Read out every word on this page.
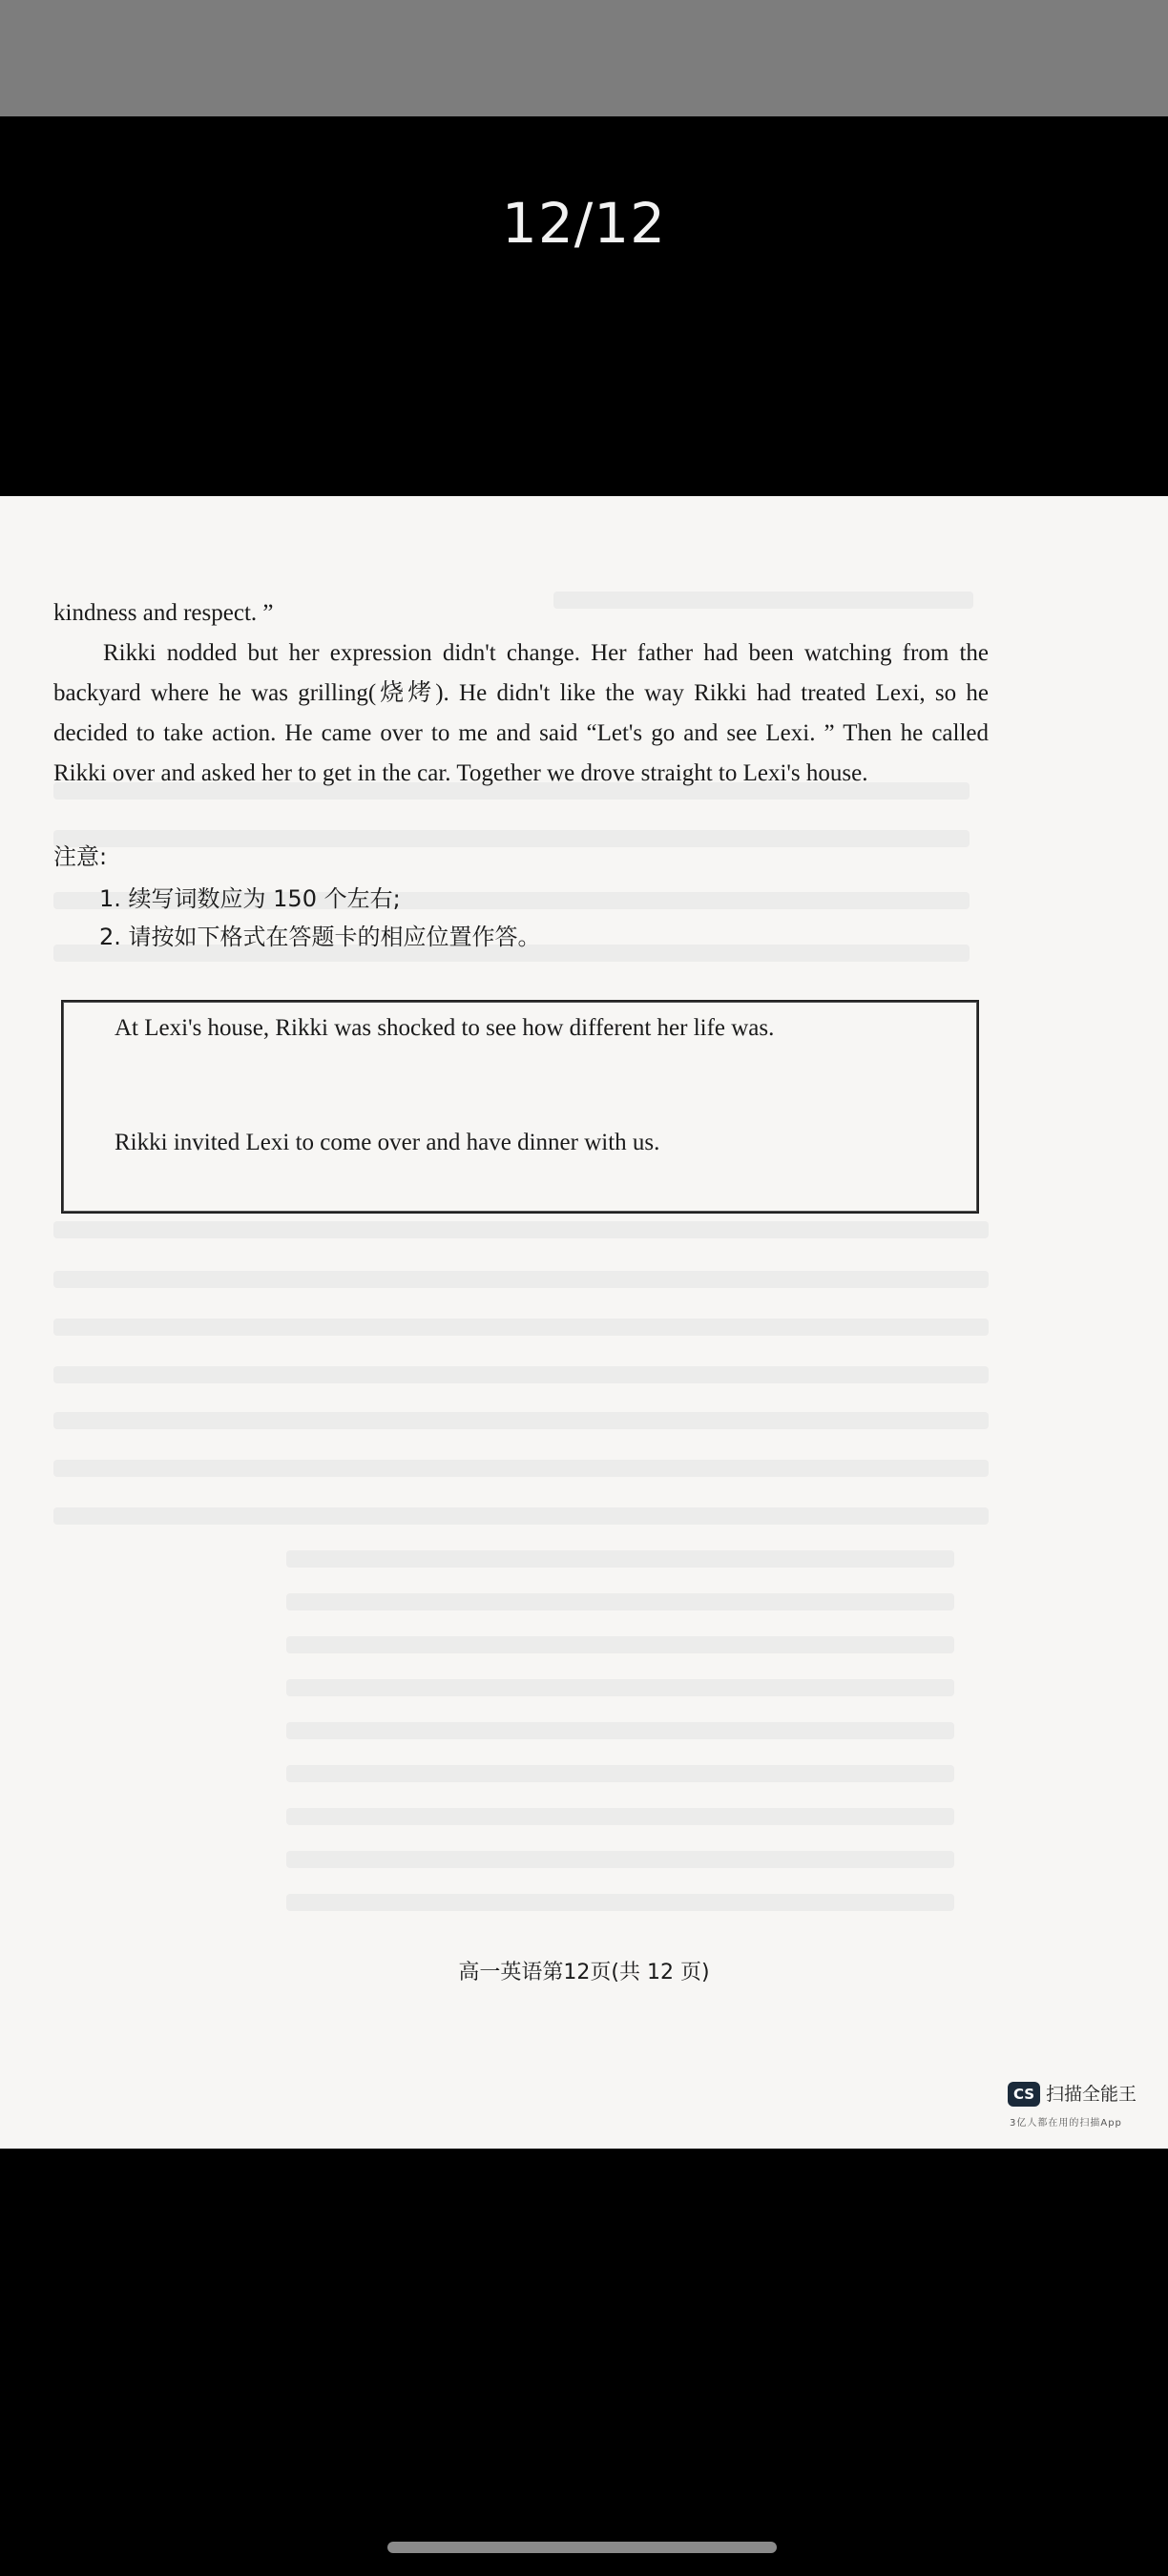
12/12
kindness and respect. ”
Rikki nodded but her expression didn't change. Her father had been watching from the backyard where he was grilling(烧烤). He didn't like the way Rikki had treated Lexi, so he decided to take action. He came over to me and said “Let's go and see Lexi. ” Then he called Rikki over and asked her to get in the car. Together we drove straight to Lexi's house.
注意:
1. 续写词数应为 150 个左右;
2. 请按如下格式在答题卡的相应位置作答。
At Lexi's house, Rikki was shocked to see how different her life was.
Rikki invited Lexi to come over and have dinner with us.
高一英语第12页(共 12 页)
CS 扫描全能王
3亿人都在用的扫描App
